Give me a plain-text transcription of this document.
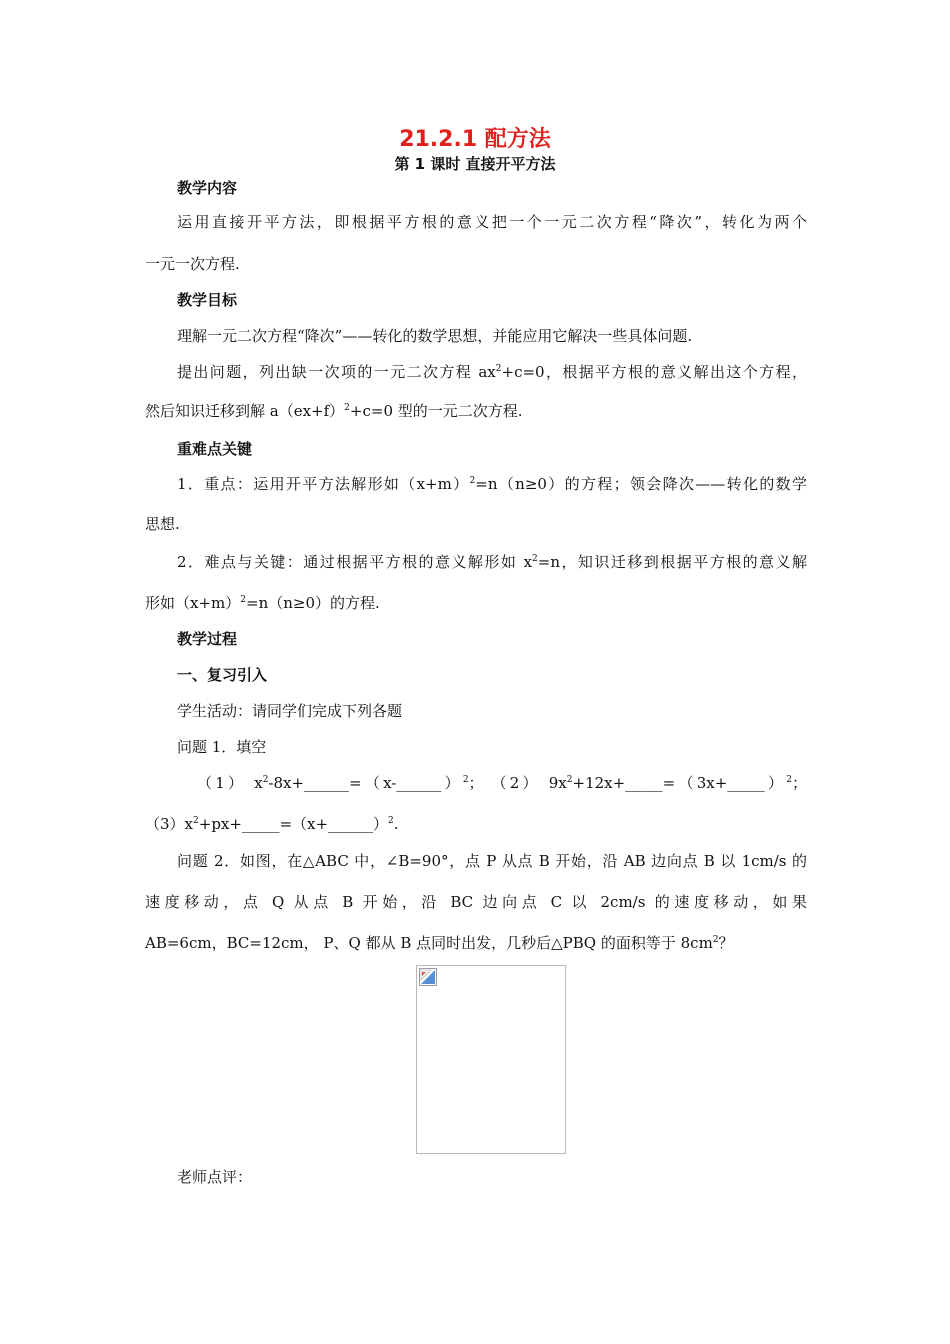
21.2.1 配方法
第 1 课时 直接开平方法
教学内容
运用直接开平方法，即根据平方根的意义把一个一元二次方程“降次”，转化为两个
一元一次方程.
教学目标
理解一元二次方程“降次”——转化的数学思想，并能应用它解决一些具体问题.
提出问题，列出缺一次项的一元二次方程 $ax^2+c=0$，根据平方根的意义解出这个方程，
然后知识迁移到解 $a(ex+f)^2+c=0$ 型的一元二次方程.
重难点关键
1．重点：运用开平方法解形如$(x+m)^2=n(n\ge 0)$的方程；领会降次——转化的数学
思想.
2．难点与关键：通过根据平方根的意义解形如 $x^2=n$，知识迁移到根据平方根的意义解
形如$(x+m)^2=n(n\ge 0)$的方程.
教学过程
一、复习引入
学生活动：请同学们完成下列各题
问题 1．填空
（1） $x^2-8x+\_\_\_\_\_\_=(x-\_\_\_\_\_\_)^2$； （2） $9x^2+12x+\_\_\_\_\_=(3x+\_\_\_\_\_)^2$；
$(3)x^2+px+\_\_\_\_\_=(x+\_\_\_\_\_\_)^2$.
问题 2．如图，在△ABC 中，∠B=90°，点 P 从点 B 开始，沿 AB 边向点 B 以 1cm/s 的
速度移动，点 Q 从点 B 开始，沿 BC 边向点 C 以 2cm/s 的速度移动，如果
AB=6cm，BC=12cm， P、Q 都从 B 点同时出发，几秒后△PBQ 的面积等于 $8cm^2$？
老师点评：
